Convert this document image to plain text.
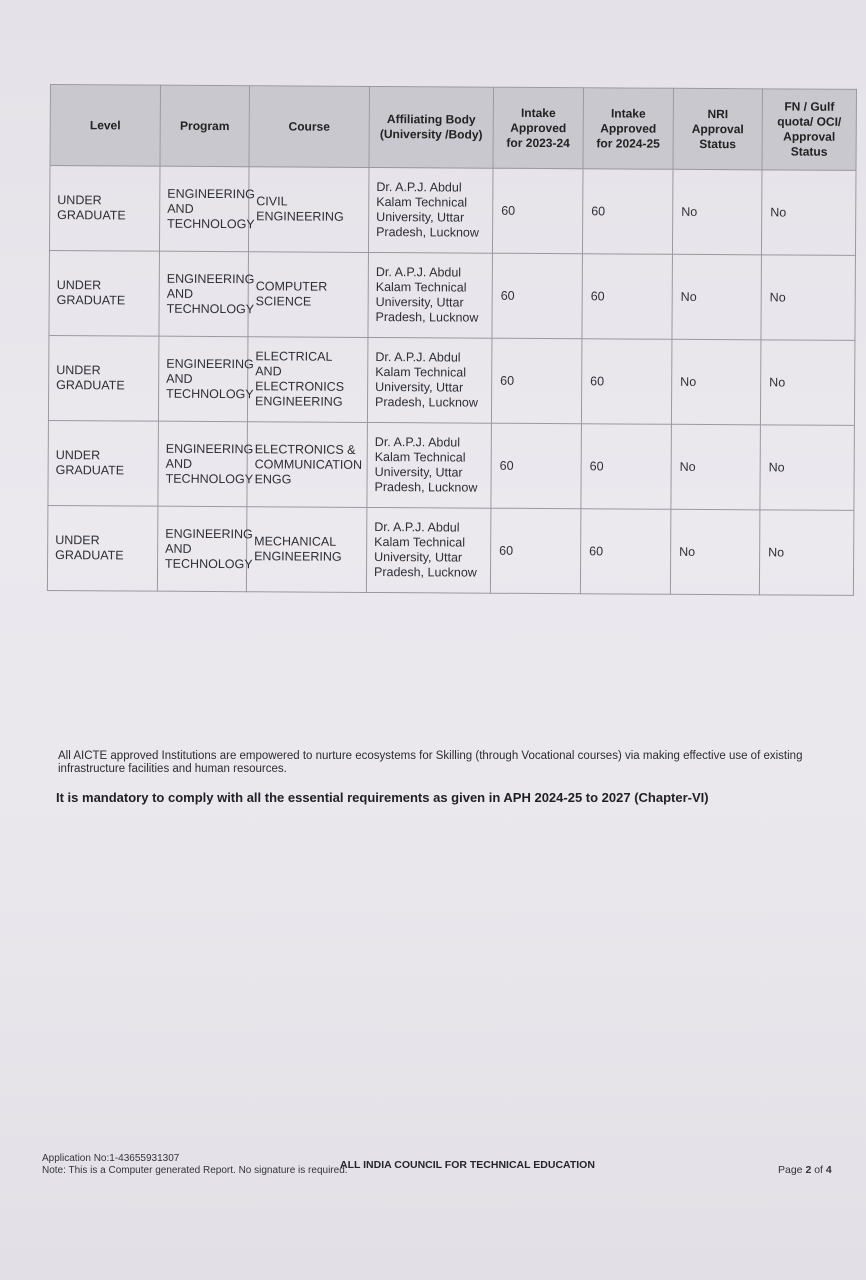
Level	Program	Course	Affiliating Body (University /Body)	Intake Approved for 2023-24	Intake Approved for 2024-25	NRI Approval Status	FN / Gulf quota/ OCI/ Approval Status
UNDER GRADUATE	ENGINEERING AND TECHNOLOGY	CIVIL ENGINEERING	Dr. A.P.J. Abdul Kalam Technical University, Uttar Pradesh, Lucknow	60	60	No	No
UNDER GRADUATE	ENGINEERING AND TECHNOLOGY	COMPUTER SCIENCE	Dr. A.P.J. Abdul Kalam Technical University, Uttar Pradesh, Lucknow	60	60	No	No
UNDER GRADUATE	ENGINEERING AND TECHNOLOGY	ELECTRICAL AND ELECTRONICS ENGINEERING	Dr. A.P.J. Abdul Kalam Technical University, Uttar Pradesh, Lucknow	60	60	No	No
UNDER GRADUATE	ENGINEERING AND TECHNOLOGY	ELECTRONICS & COMMUNICATION ENGG	Dr. A.P.J. Abdul Kalam Technical University, Uttar Pradesh, Lucknow	60	60	No	No
UNDER GRADUATE	ENGINEERING AND TECHNOLOGY	MECHANICAL ENGINEERING	Dr. A.P.J. Abdul Kalam Technical University, Uttar Pradesh, Lucknow	60	60	No	No
All AICTE approved Institutions are empowered to nurture ecosystems for Skilling (through Vocational courses) via making effective use of existing infrastructure facilities and human resources.
It is mandatory to comply with all the essential requirements as given in APH 2024-25 to 2027 (Chapter-VI)
Application No:1-43655931307
Note: This is a Computer generated Report. No signature is required.
ALL INDIA COUNCIL FOR TECHNICAL EDUCATION	Page 2 of 4
